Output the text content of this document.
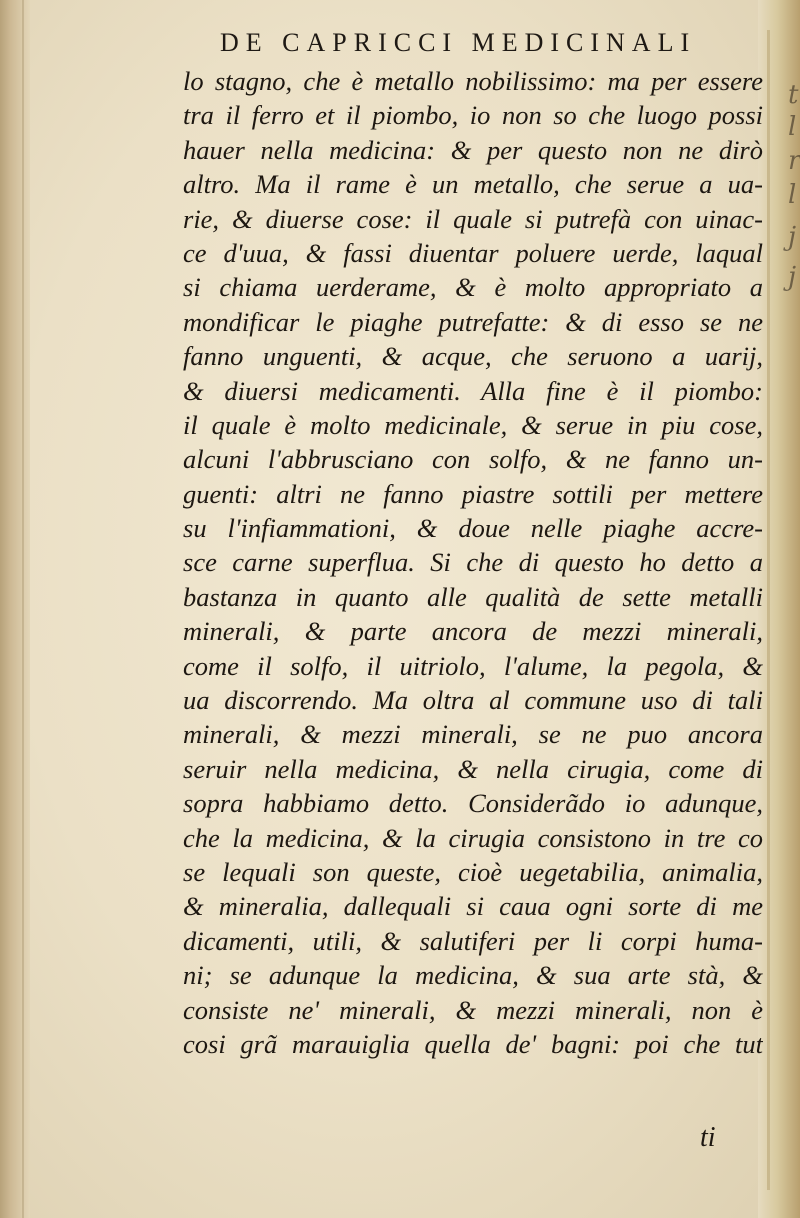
t
l
r
l
j
j
DE CAPRICCI MEDICINALI
lo stagno, che è metallo nobilissimo: ma per essere
tra il ferro et il piombo, io non so che luogo possi
hauer nella medicina: & per questo non ne dirò
altro. Ma il rame è un metallo, che serue a ua-
rie, & diuerse cose: il quale si putrefà con uinac-
ce d'uua, & fassi diuentar poluere uerde, laqual
si chiama uerderame, & è molto appropriato a
mondificar le piaghe putrefatte: & di esso se ne
fanno unguenti, & acque, che seruono a uarij,
& diuersi medicamenti. Alla fine è il piombo:
il quale è molto medicinale, & serue in piu cose,
alcuni l'abbrusciano con solfo, & ne fanno un-
guenti: altri ne fanno piastre sottili per mettere
su l'infiammationi, & doue nelle piaghe accre-
sce carne superflua. Si che di questo ho detto a
bastanza in quanto alle qualità de sette metalli
minerali, & parte ancora de mezzi minerali,
come il solfo, il uitriolo, l'alume, la pegola, &
ua discorrendo. Ma oltra al commune uso di tali
minerali, & mezzi minerali, se ne puo ancora
seruir nella medicina, & nella cirugia, come di
sopra habbiamo detto. Considerãdo io adunque,
che la medicina, & la cirugia consistono in tre co
se lequali son queste, cioè uegetabilia, animalia,
& mineralia, dallequali si caua ogni sorte di me
dicamenti, utili, & salutiferi per li corpi huma-
ni; se adunque la medicina, & sua arte stà, &
consiste ne' minerali, & mezzi minerali, non è
cosi grã marauiglia quella de' bagni: poi che tut
ti
